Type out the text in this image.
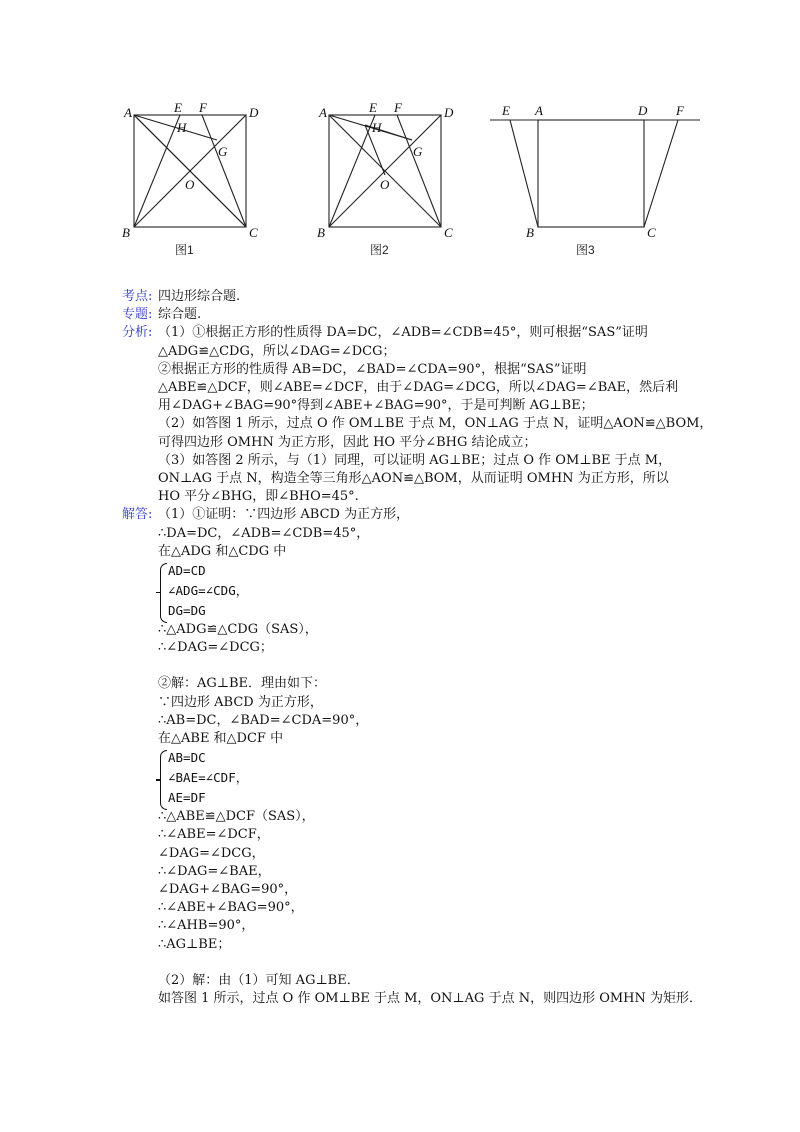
A	E F	D
H
G
O
B	C
图1
A	E F	D
H
G
O
B	C
图2
E A	D F
B	C
图3
考点: 四边形综合题.
专题: 综合题.
分析: （1）①根据正方形的性质得 DA=DC，∠ADB=∠CDB=45°，则可根据“SAS”证明
△ADG≌△CDG，所以∠DAG=∠DCG；
②根据正方形的性质得 AB=DC，∠BAD=∠CDA=90°，根据“SAS”证明
△ABE≌△DCF，则∠ABE=∠DCF，由于∠DAG=∠DCG，所以∠DAG=∠BAE，然后利
用∠DAG+∠BAG=90°得到∠ABE+∠BAG=90°，于是可判断 AG⊥BE；
（2）如答图 1 所示，过点 O 作 OM⊥BE 于点 M，ON⊥AG 于点 N，证明△AON≌△BOM，
可得四边形 OMHN 为正方形，因此 HO 平分∠BHG 结论成立；
（3）如答图 2 所示，与（1）同理，可以证明 AG⊥BE；过点 O 作 OM⊥BE 于点 M，
ON⊥AG 于点 N，构造全等三角形△AON≌△BOM，从而证明 OMHN 为正方形，所以
HO 平分∠BHG，即∠BHO=45°.
解答: （1）①证明：∵四边形 ABCD 为正方形，
∴DA=DC，∠ADB=∠CDB=45°，
在△ADG 和△CDG 中
AD=CD
∠ADG=∠CDG，
DG=DG
∴△ADG≌△CDG（SAS），
∴∠DAG=∠DCG；
②解：AG⊥BE．理由如下：
∵四边形 ABCD 为正方形，
∴AB=DC，∠BAD=∠CDA=90°，
在△ABE 和△DCF 中
AB=DC
∠BAE=∠CDF，
AE=DF
∴△ABE≌△DCF（SAS），
∴∠ABE=∠DCF，
∠DAG=∠DCG，
∴∠DAG=∠BAE，
∠DAG+∠BAG=90°，
∴∠ABE+∠BAG=90°，
∴∠AHB=90°，
∴AG⊥BE；
（2）解：由（1）可知 AG⊥BE．
如答图 1 所示，过点 O 作 OM⊥BE 于点 M，ON⊥AG 于点 N，则四边形 OMHN 为矩形．
